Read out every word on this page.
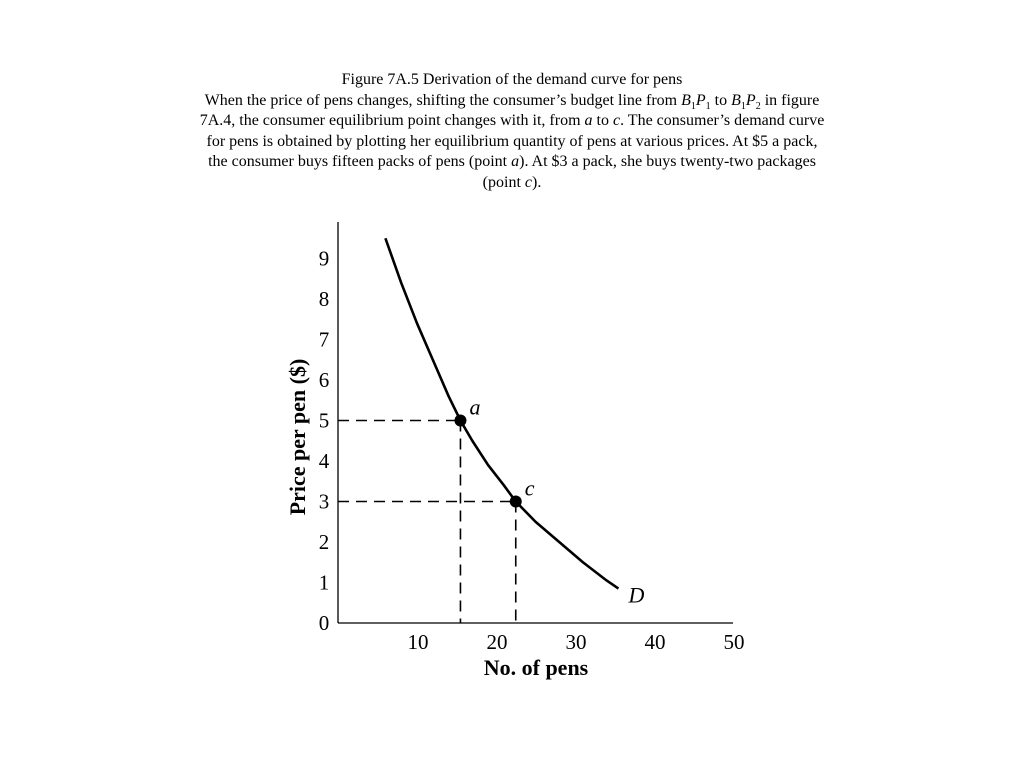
Figure 7A.5 Derivation of the demand curve for pens
When the price of pens changes, shifting the consumer’s budget line from $B_1P_1$ to $B_1P_2$ in figure 7A.4, the consumer equilibrium point changes with it, from a to c. The consumer’s demand curve for pens is obtained by plotting her equilibrium quantity of pens at various prices. At $5 a pack, the consumer buys fifteen packs of pens (point a). At $3 a pack, she buys twenty-two packages (point c).
0
1
2
3
4
5
6
7
8
9
10	20	30	40	50
No. of pens
Price per pen ($)
D
a
c
